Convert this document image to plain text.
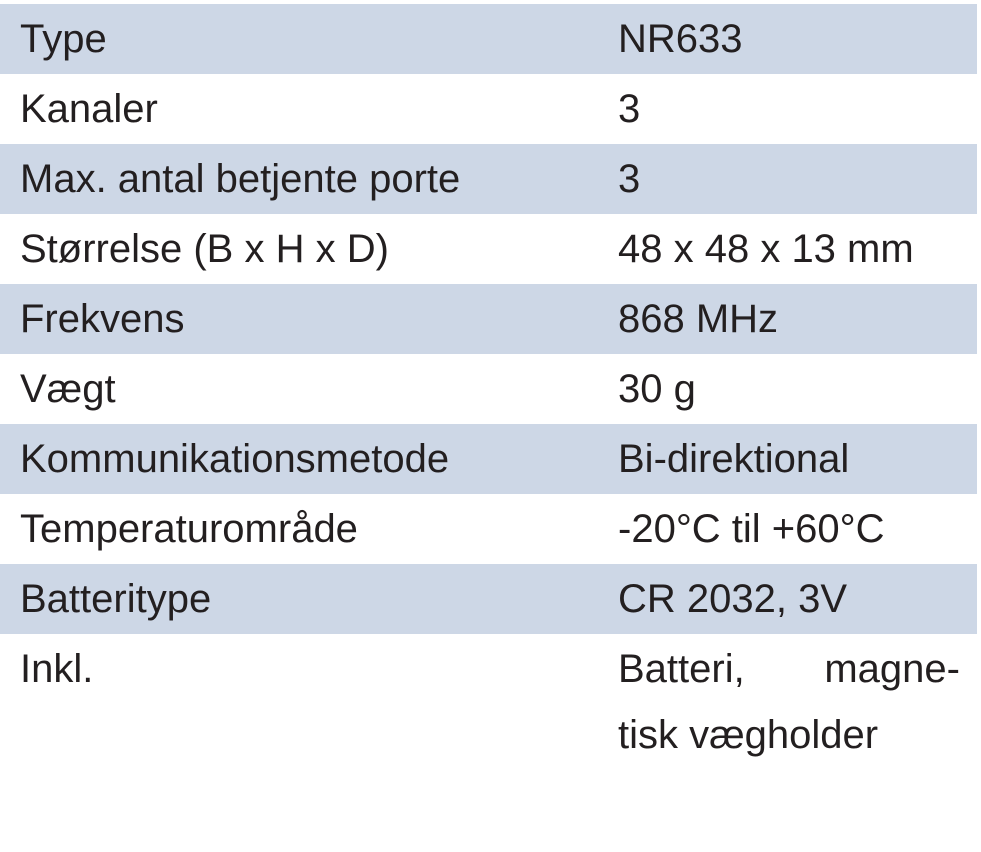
Type	NR633
Kanaler	3
Max. antal betjente porte	3
Størrelse (B x H x D)	48 x 48 x 13 mm
Frekvens	868 MHz
Vægt	30 g
Kommunikationsmetode	Bi-direktional
Temperaturområde	-20°C til +60°C
Batteritype	CR 2032, 3V
Inkl.	Batteri, magne-
tisk vægholder
